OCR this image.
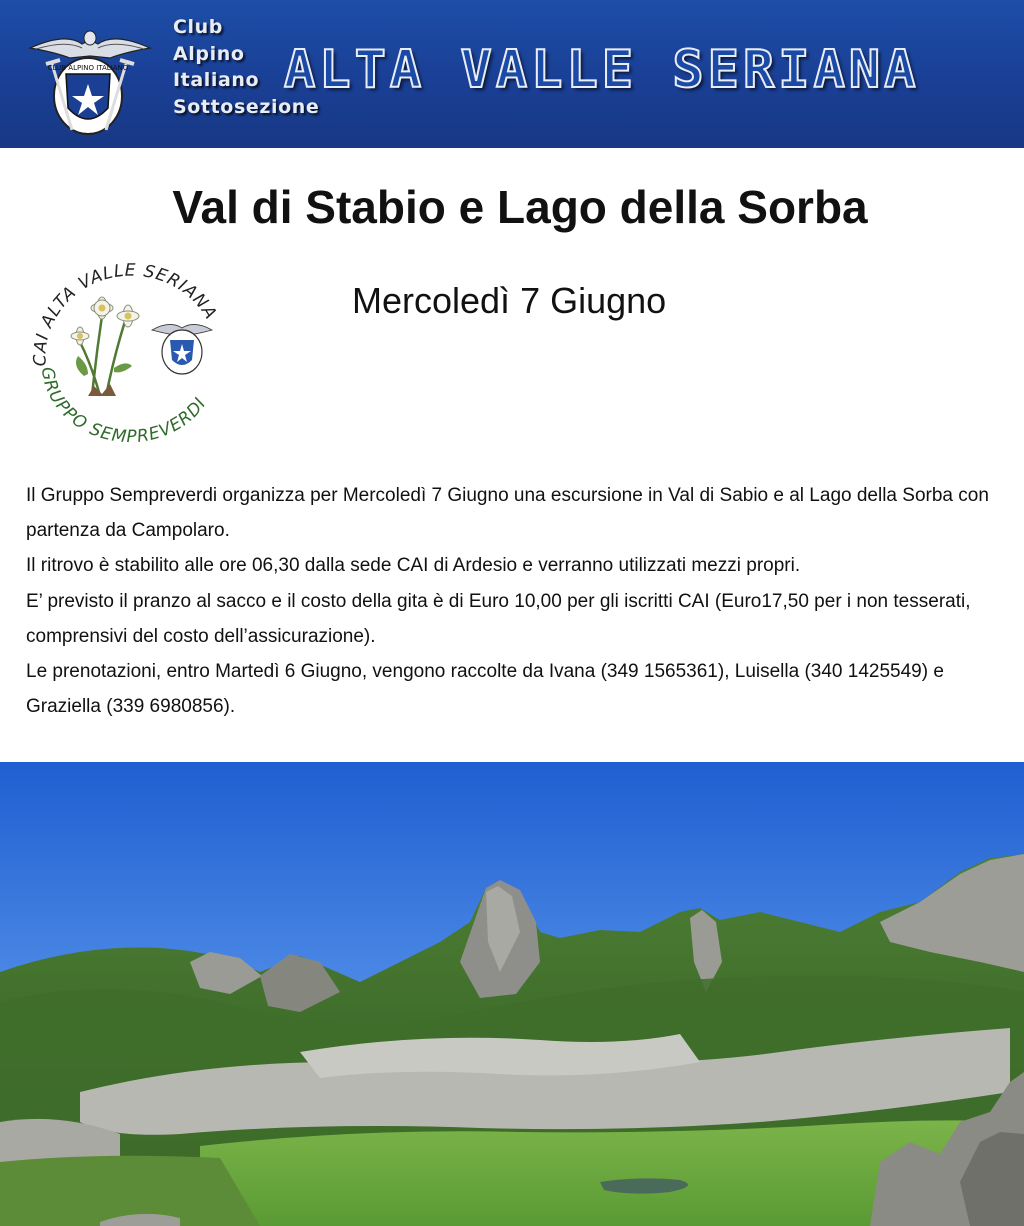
CLUB ALPINO ITALIANO
Club
Alpino
Italiano
Sottosezione
ALTA VALLE SERIANA
Val di Stabio e Lago della Sorba
Mercoledì 7 Giugno
CAI ALTA VALLE SERIANA
GRUPPO SEMPREVERDI

Il Gruppo Sempreverdi organizza per Mercoledì 7 Giugno una escursione in Val di Sabio e al Lago della Sorba con partenza da Campolaro.

Il ritrovo è stabilito alle ore 06,30 dalla sede CAI di Ardesio e verranno utilizzati mezzi propri.

E’ previsto il pranzo al sacco e il costo della gita è di Euro 10,00 per gli iscritti CAI (Euro17,50 per i non tesserati, comprensivi del costo dell’assicurazione).

Le prenotazioni, entro Martedì 6 Giugno, vengono raccolte da Ivana (349 1565361), Luisella (340 1425549) e Graziella (339 6980856).
